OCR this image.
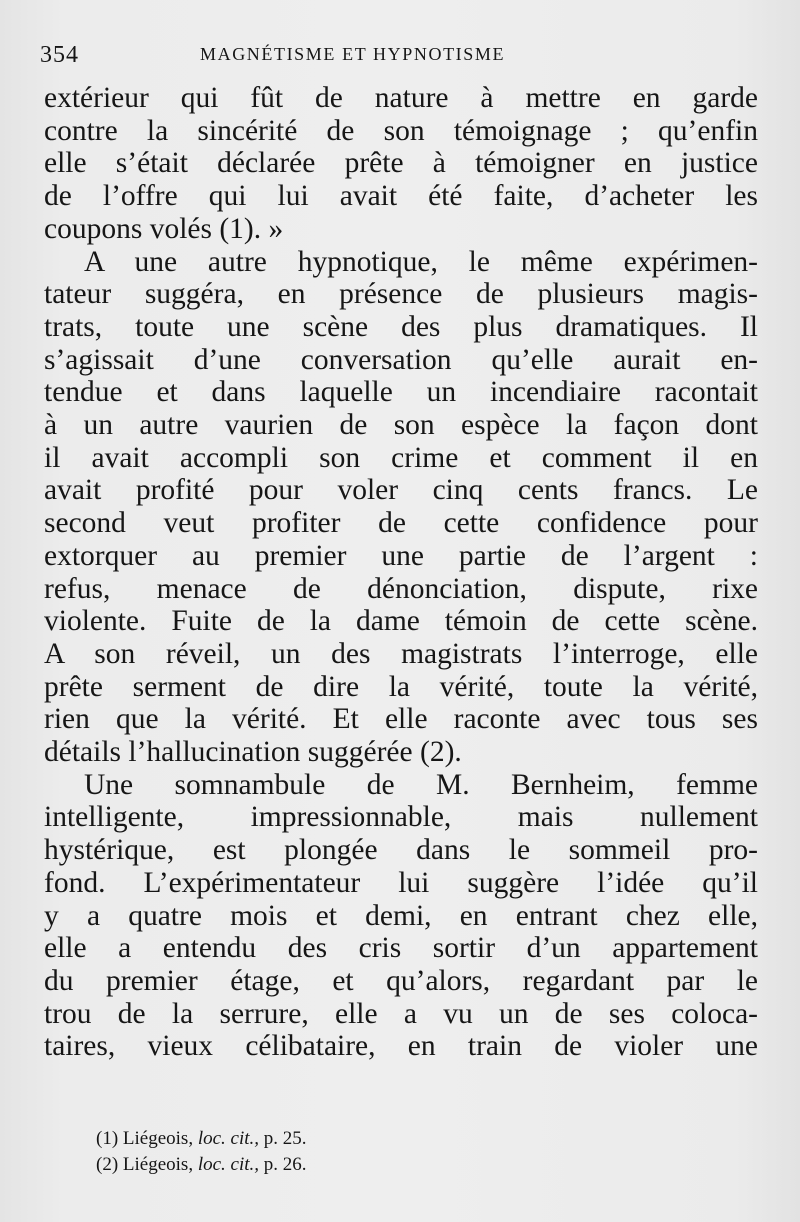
354	MAGNÉTISME ET HYPNOTISME
extérieur qui fût de nature à mettre en garde
contre la sincérité de son témoignage ; qu’enfin
elle s’était déclarée prête à témoigner en justice
de l’offre qui lui avait été faite, d’acheter les
coupons volés (1). »
A une autre hypnotique, le même expérimen-
tateur suggéra, en présence de plusieurs magis-
trats, toute une scène des plus dramatiques. Il
s’agissait d’une conversation qu’elle aurait en-
tendue et dans laquelle un incendiaire racontait
à un autre vaurien de son espèce la façon dont
il avait accompli son crime et comment il en
avait profité pour voler cinq cents francs. Le
second veut profiter de cette confidence pour
extorquer au premier une partie de l’argent :
refus, menace de dénonciation, dispute, rixe
violente. Fuite de la dame témoin de cette scène.
A son réveil, un des magistrats l’interroge, elle
prête serment de dire la vérité, toute la vérité,
rien que la vérité. Et elle raconte avec tous ses
détails l’hallucination suggérée (2).
Une somnambule de M. Bernheim, femme
intelligente, impressionnable, mais nullement
hystérique, est plongée dans le sommeil pro-
fond. L’expérimentateur lui suggère l’idée qu’il
y a quatre mois et demi, en entrant chez elle,
elle a entendu des cris sortir d’un appartement
du premier étage, et qu’alors, regardant par le
trou de la serrure, elle a vu un de ses coloca-
taires, vieux célibataire, en train de violer une
(1) Liégeois, loc. cit., p. 25.
(2) Liégeois, loc. cit., p. 26.
